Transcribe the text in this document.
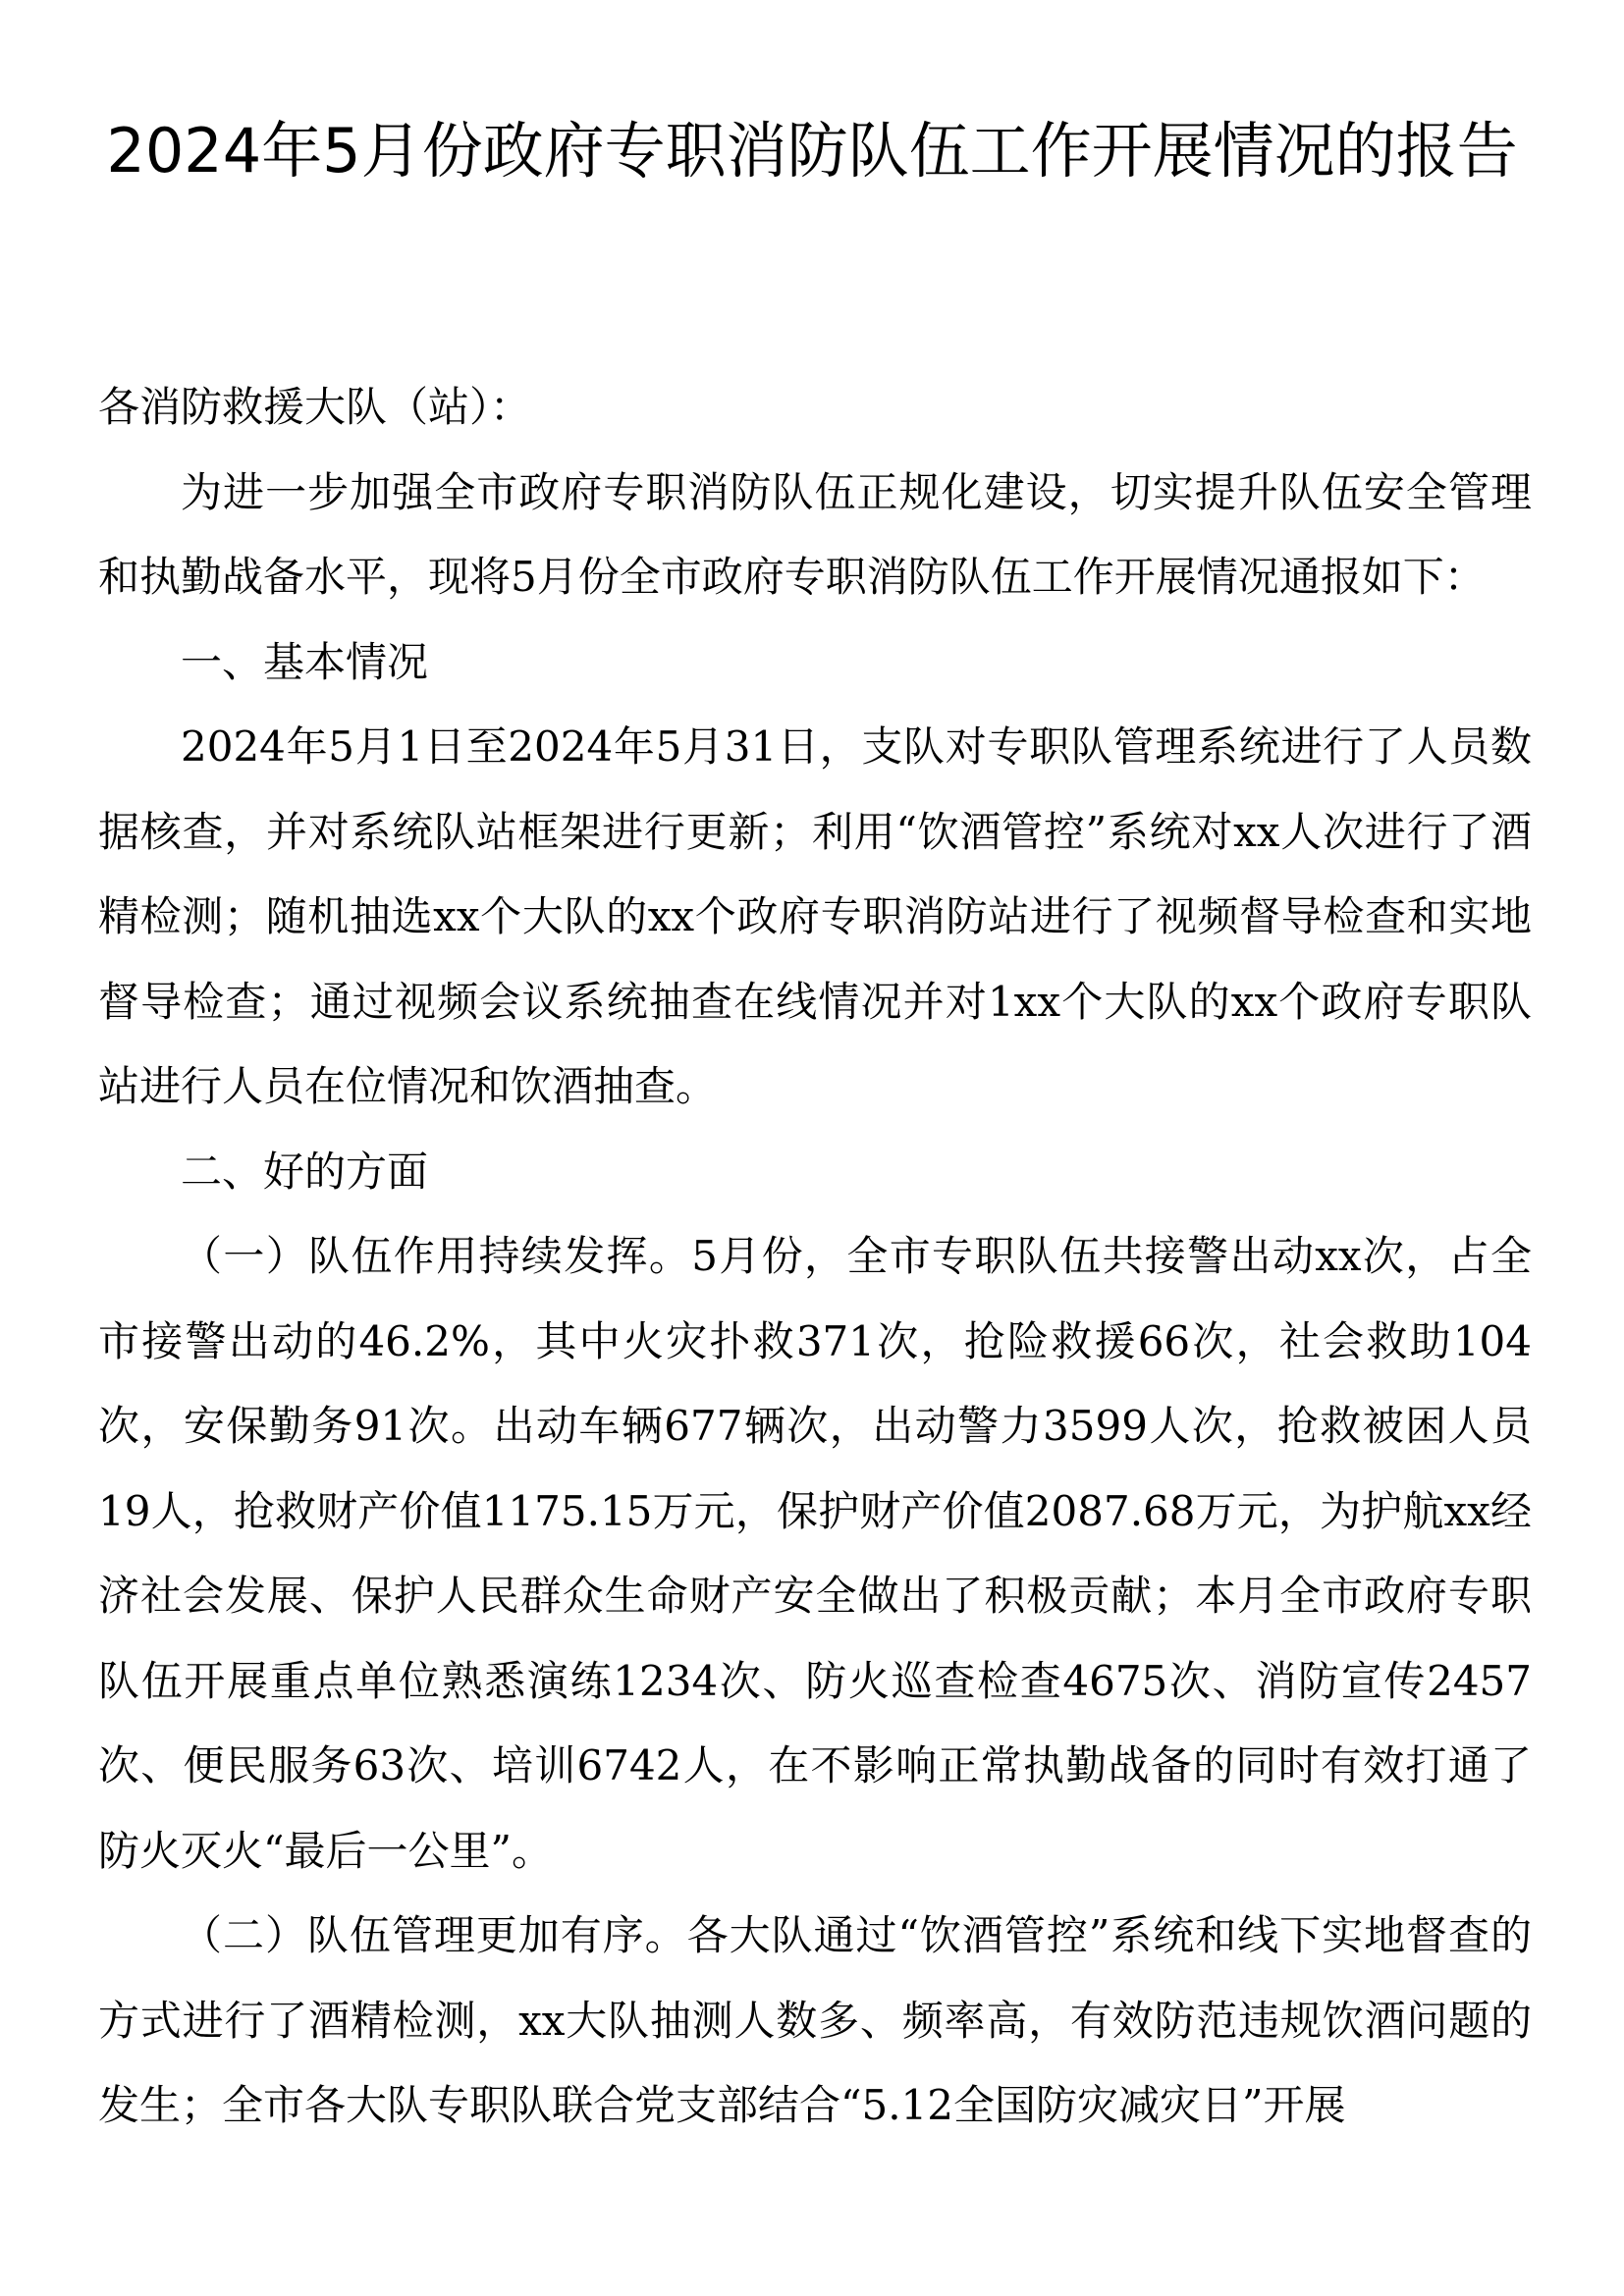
2024年5月份政府专职消防队伍工作开展情况的报告

各消防救援大队（站）：

为进一步加强全市政府专职消防队伍正规化建设，切实提升队伍安全管理和执勤战备水平，现将5月份全市政府专职消防队伍工作开展情况通报如下：

一、基本情况

2024年5月1日至2024年5月31日，支队对专职队管理系统进行了人员数据核查，并对系统队站框架进行更新；利用“饮酒管控”系统对xx人次进行了酒精检测；随机抽选xx个大队的xx个政府专职消防站进行了视频督导检查和实地督导检查；通过视频会议系统抽查在线情况并对1xx个大队的xx个政府专职队站进行人员在位情况和饮酒抽查。

二、好的方面

（一）队伍作用持续发挥。5月份，全市专职队伍共接警出动xx次，占全市接警出动的46.2%，其中火灾扑救371次，抢险救援66次，社会救助104次，安保勤务91次。出动车辆677辆次，出动警力3599人次，抢救被困人员19人，抢救财产价值1175.15万元，保护财产价值2087.68万元，为护航xx经济社会发展、保护人民群众生命财产安全做出了积极贡献；本月全市政府专职队伍开展重点单位熟悉演练1234次、防火巡查检查4675次、消防宣传2457次、便民服务63次、培训6742人，在不影响正常执勤战备的同时有效打通了防火灭火“最后一公里”。

（二）队伍管理更加有序。各大队通过“饮酒管控”系统和线下实地督查的方式进行了酒精检测，xx大队抽测人数多、频率高，有效防范违规饮酒问题的发生；全市各大队专职队联合党支部结合“5.12全国防灾减灾日”开展
